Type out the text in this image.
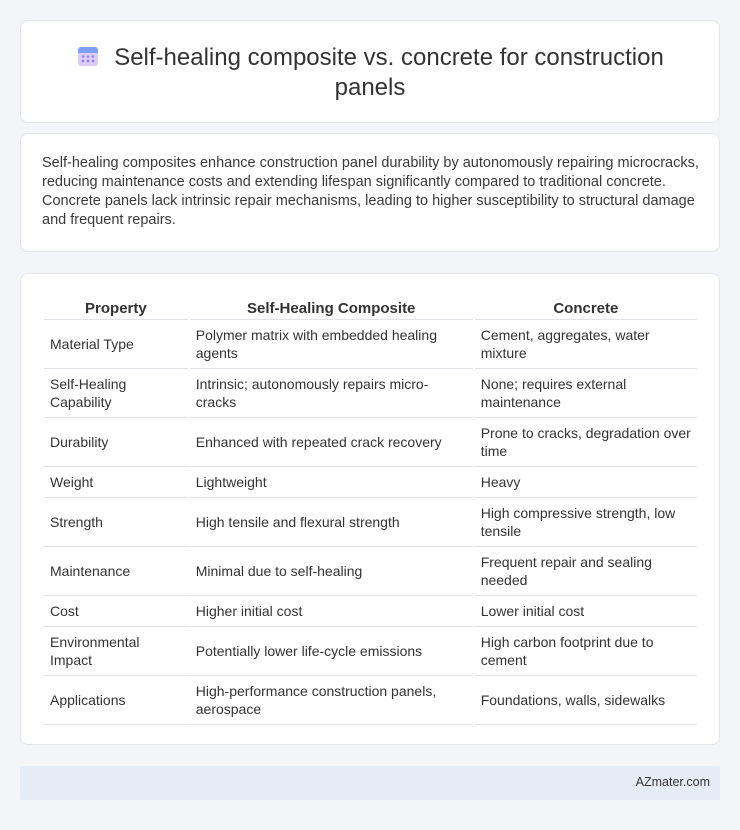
Self-healing composite vs. concrete for construction panels

Self-healing composites enhance construction panel durability by autonomously repairing microcracks, reducing maintenance costs and extending lifespan significantly compared to traditional concrete. Concrete panels lack intrinsic repair mechanisms, leading to higher susceptibility to structural damage and frequent repairs.

Property	Self-Healing Composite	Concrete
Material Type	Polymer matrix with embedded healing agents	Cement, aggregates, water mixture
Self-Healing Capability	Intrinsic; autonomously repairs micro-cracks	None; requires external maintenance
Durability	Enhanced with repeated crack recovery	Prone to cracks, degradation over time
Weight	Lightweight	Heavy
Strength	High tensile and flexural strength	High compressive strength, low tensile
Maintenance	Minimal due to self-healing	Frequent repair and sealing needed
Cost	Higher initial cost	Lower initial cost
Environmental Impact	Potentially lower life-cycle emissions	High carbon footprint due to cement
Applications	High-performance construction panels, aerospace	Foundations, walls, sidewalks
AZmater.com
